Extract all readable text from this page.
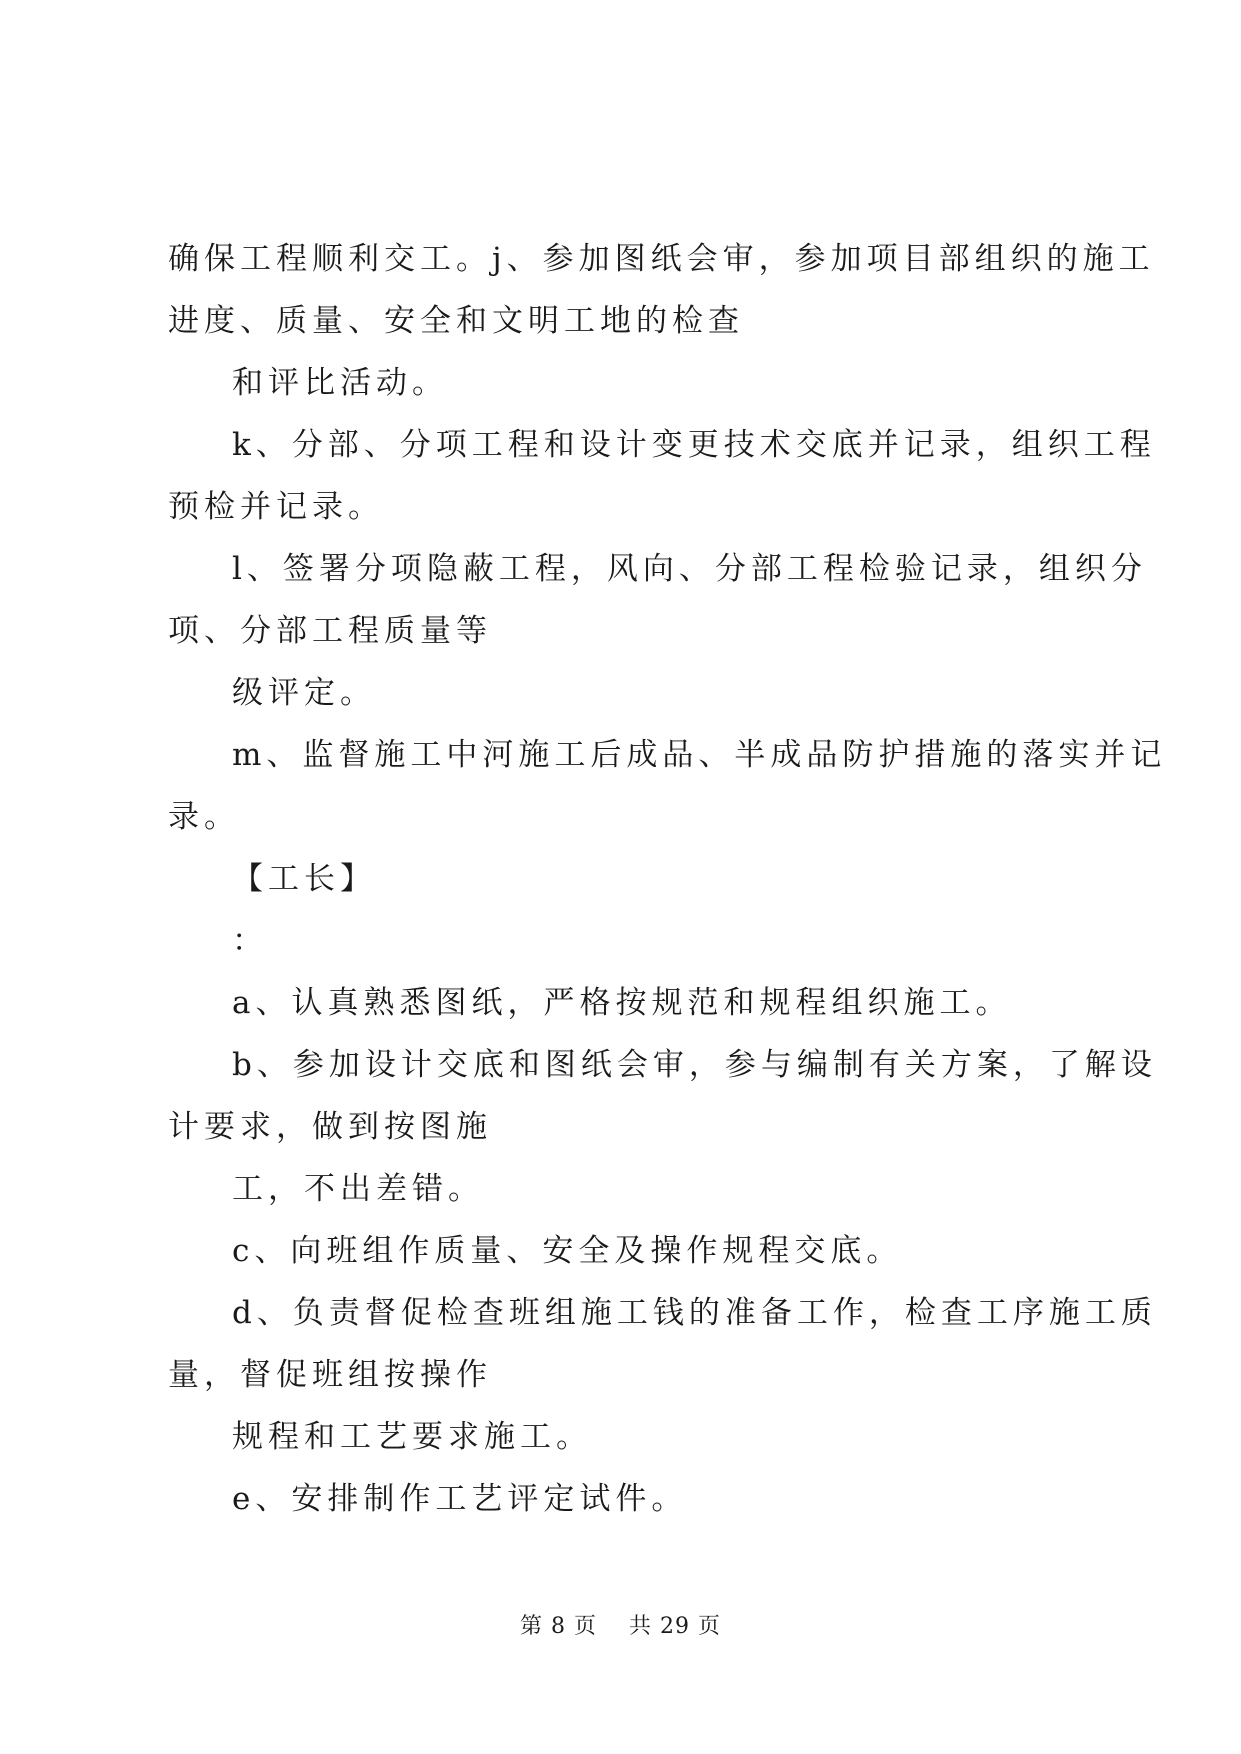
确保工程顺利交工。j、参加图纸会审，参加项目部组织的施工
进度、质量、安全和文明工地的检查
和评比活动。
k、分部、分项工程和设计变更技术交底并记录，组织工程
预检并记录。
l、签署分项隐蔽工程，风向、分部工程检验记录，组织分
项、分部工程质量等
级评定。
m、监督施工中河施工后成品、半成品防护措施的落实并记
录。
【工长】
：
a、认真熟悉图纸，严格按规范和规程组织施工。
b、参加设计交底和图纸会审，参与编制有关方案，了解设
计要求，做到按图施
工，不出差错。
c、向班组作质量、安全及操作规程交底。
d、负责督促检查班组施工钱的准备工作，检查工序施工质
量，督促班组按操作
规程和工艺要求施工。
e、安排制作工艺评定试件。
第 8 页 共 29 页
